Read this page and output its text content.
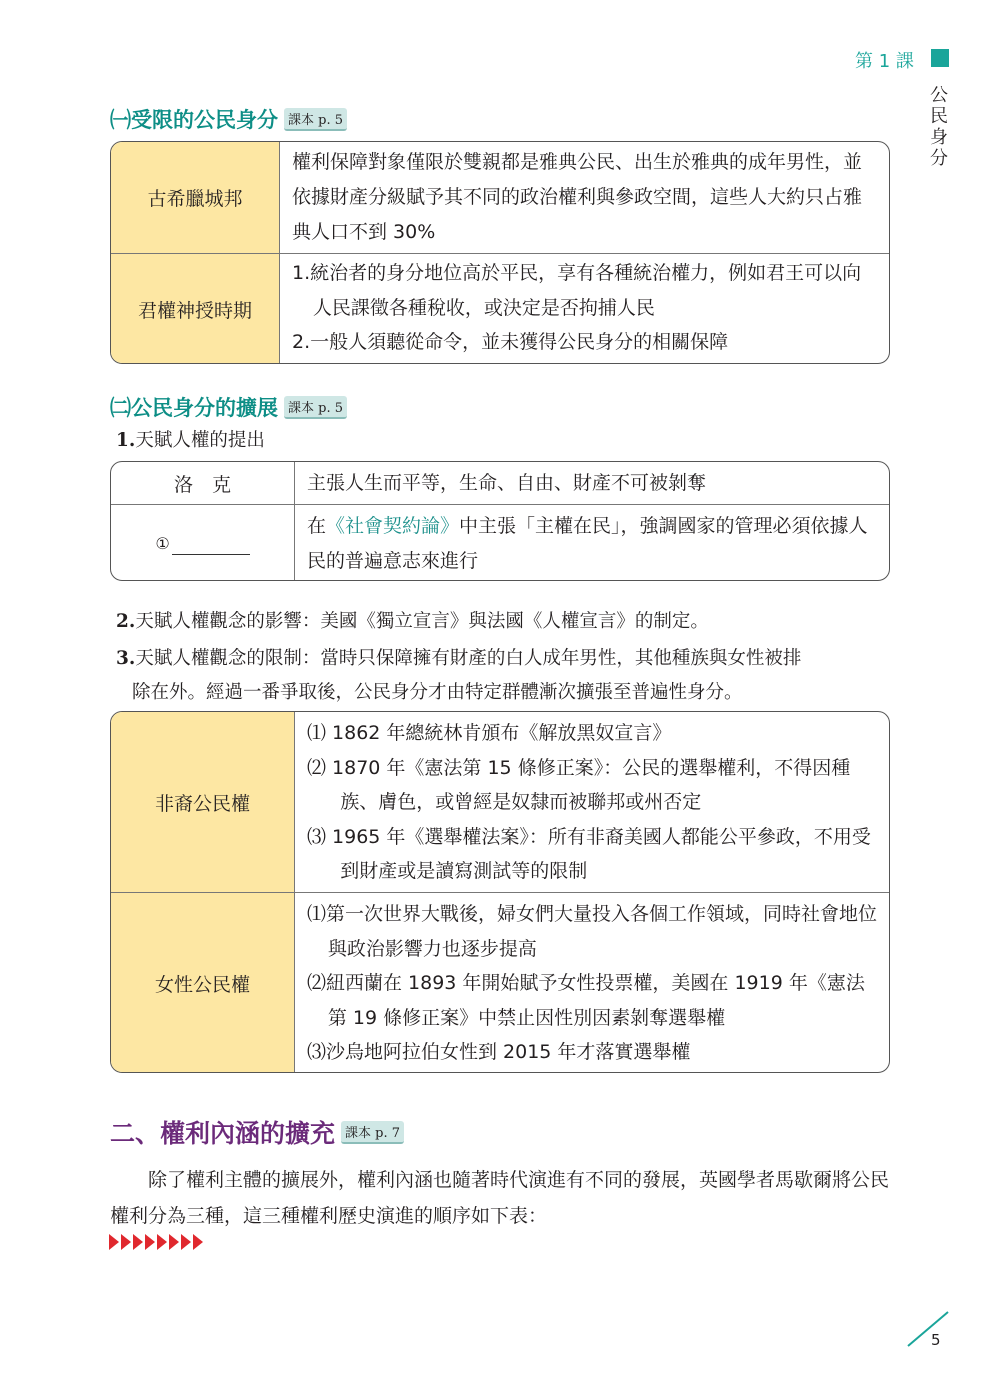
第 1 課
公民身分
㈠受限的公民身分 課本 p. 5
古希臘城邦
權利保障對象僅限於雙親都是雅典公民、出生於雅典的成年男性，並依據財產分級賦予其不同的政治權利與參政空間，這些人大約只占雅典人口不到 30%
君權神授時期

1.統治者的身分地位高於平民，享有各種統治權力，例如君王可以向人民課徵各種稅收，或決定是否拘捕人民

2.一般人須聽從命令，並未獲得公民身分的相關保障

㈡公民身分的擴展 課本 p. 5
1.天賦人權的提出
洛　克	主張人生而平等，生命、自由、財產不可被剝奪
①

在《社會契約論》中主張「主權在民」，強調國家的管理必須依據人民的普遍意志來進行
2.天賦人權觀念的影響：美國《獨立宣言》與法國《人權宣言》的制定。
3.天賦人權觀念的限制：當時只保障擁有財產的白人成年男性，其他種族與女性被排
除在外。經過一番爭取後，公民身分才由特定群體漸次擴張至普遍性身分。
非裔公民權

⑴ 1862 年總統林肯頒布《解放黑奴宣言》

⑵ 1870 年《憲法第 15 條修正案》：公民的選舉權利，不得因種族、膚色，或曾經是奴隸而被聯邦或州否定

⑶ 1965 年《選舉權法案》：所有非裔美國人都能公平參政，不用受到財產或是讀寫測試等的限制

女性公民權

⑴第一次世界大戰後，婦女們大量投入各個工作領域，同時社會地位與政治影響力也逐步提高

⑵紐西蘭在 1893 年開始賦予女性投票權，美國在 1919 年《憲法第 19 條修正案》中禁止因性別因素剝奪選舉權

⑶沙烏地阿拉伯女性到 2015 年才落實選舉權

二、權利內涵的擴充 課本 p. 7
除了權利主體的擴展外，權利內涵也隨著時代演進有不同的發展，英國學者馬歇爾將公民權利分為三種，這三種權利歷史演進的順序如下表：
5
